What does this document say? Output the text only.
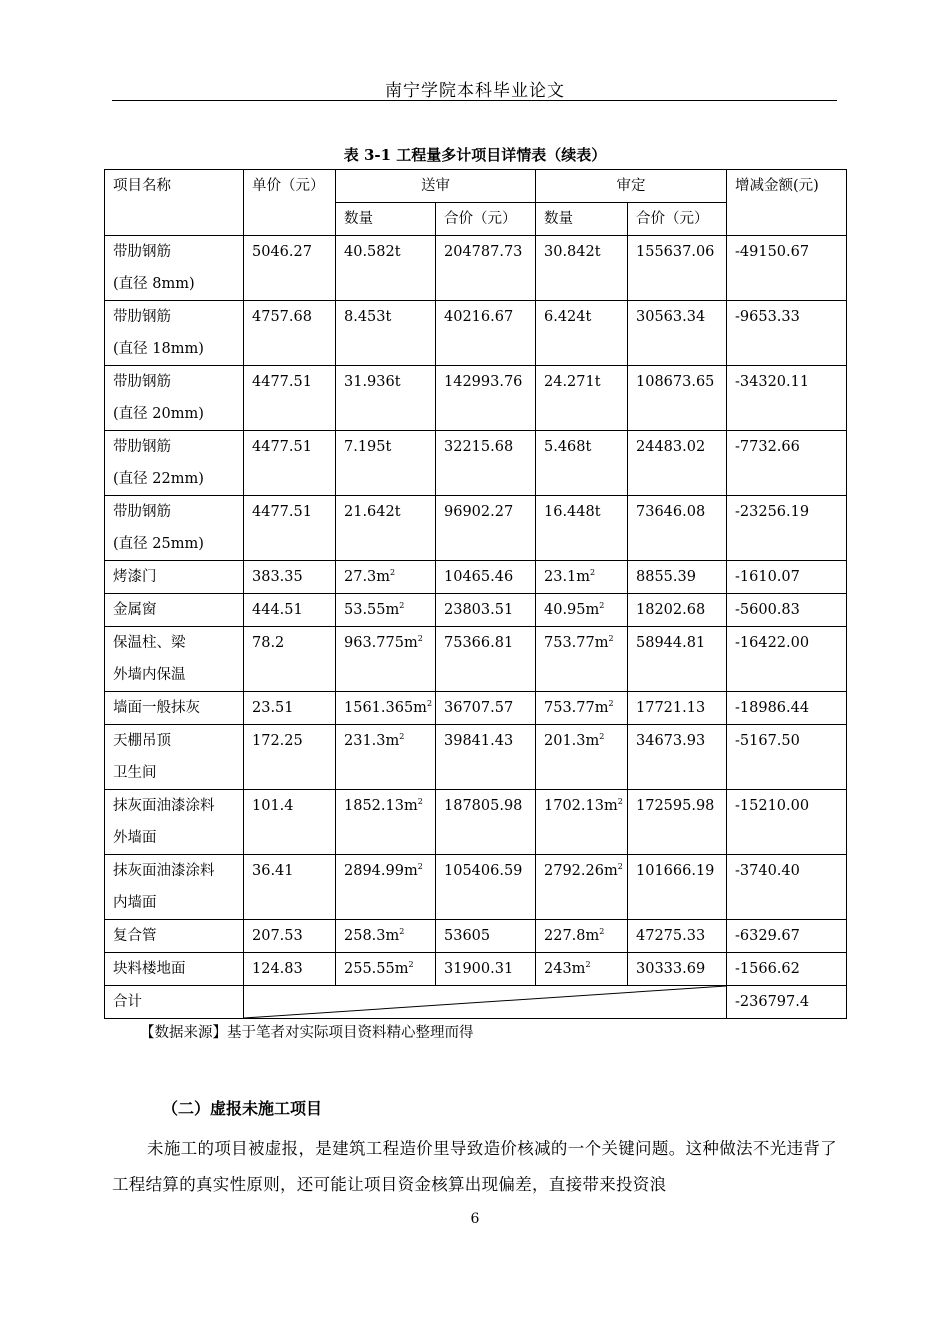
南宁学院本科毕业论文
表 3-1 工程量多计项目详情表（续表）
项目名称	单价（元）	送审		审定		增减金额(元)
		数量	合价（元）	数量	合价（元）	

带肋钢筋
(直径 8mm)	5046.27	40.582t	204787.73	30.842t	155637.06	-49150.67

带肋钢筋
(直径 18mm)	4757.68	8.453t	40216.67	6.424t	30563.34	-9653.33

带肋钢筋
(直径 20mm)	4477.51	31.936t	142993.76	24.271t	108673.65	-34320.11

带肋钢筋
(直径 22mm)	4477.51	7.195t	32215.68	5.468t	24483.02	-7732.66

带肋钢筋
(直径 25mm)	4477.51	21.642t	96902.27	16.448t	73646.08	-23256.19

烤漆门	383.35	$27.3m^2$	10465.46	$23.1m^2$	8855.39	-1610.07

金属窗	444.51	$53.55m^2$	23803.51	$40.95m^2$	18202.68	-5600.83

保温柱、梁
外墙内保温	78.2	$963.775m^2$	75366.81	$753.77m^2$	58944.81	-16422.00

墙面一般抹灰	23.51	$1561.365m^2$	36707.57	$753.77m^2$	17721.13	-18986.44

天棚吊顶
卫生间	172.25	$231.3m^2$	39841.43	$201.3m^2$	34673.93	-5167.50

抹灰面油漆涂料
外墙面	101.4	$1852.13m^2$	187805.98	$1702.13m^2$	172595.98	-15210.00

抹灰面油漆涂料
内墙面	36.41	$2894.99m^2$	105406.59	$2792.26m^2$	101666.19	-3740.40

复合管	207.53	$258.3m^2$	53605	$227.8m^2$	47275.33	-6329.67

块料楼地面	124.83	$255.55m^2$	31900.31	$243m^2$	30333.69	-1566.62
合计						-236797.4
【数据来源】基于笔者对实际项目资料精心整理而得
（二）虚报未施工项目
未施工的项目被虚报，是建筑工程造价里导致造价核减的一个关键问题。这种做法不光违背了工程结算的真实性原则，还可能让项目资金核算出现偏差，直接带来投资浪
6
